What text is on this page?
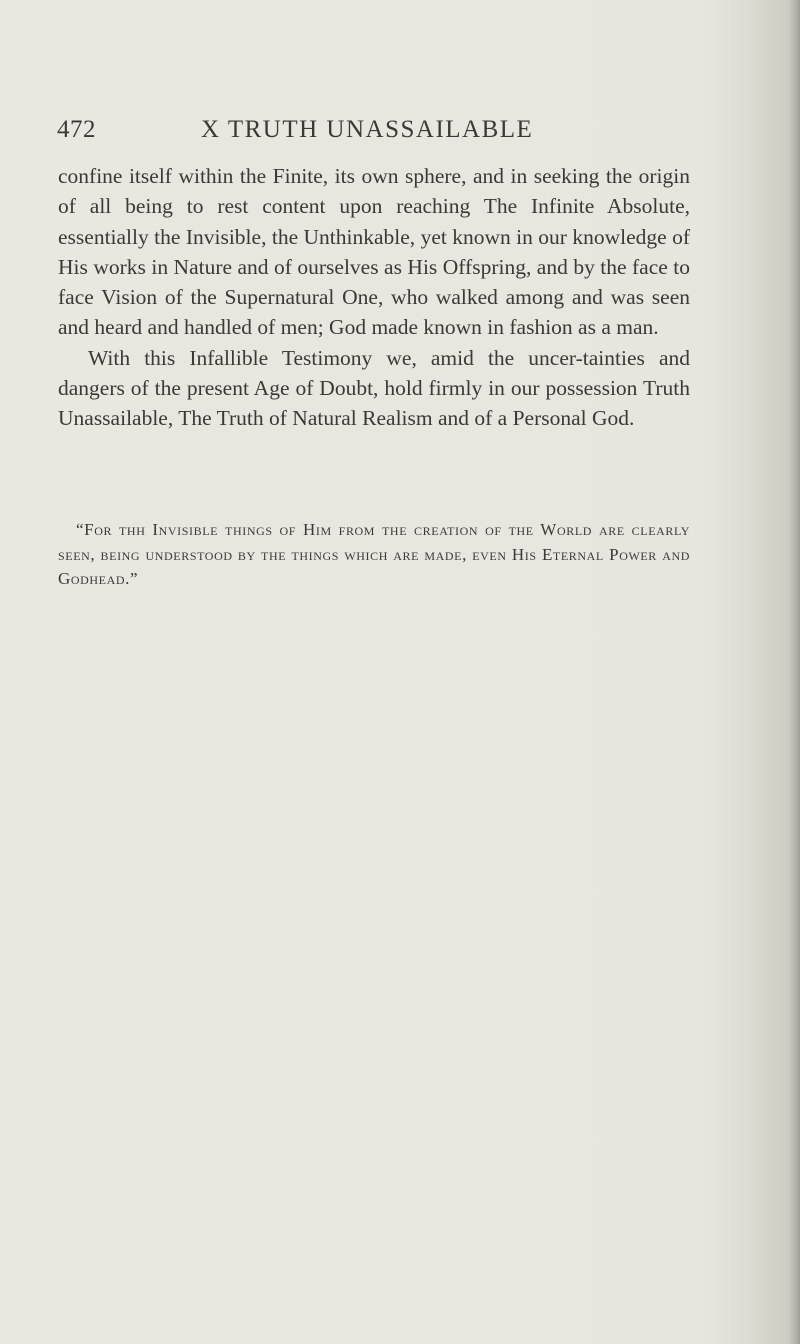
472	X TRUTH UNASSAILABLE

confine itself within the Finite, its own sphere, and in seeking the origin of all being to rest content upon reaching The Infinite Absolute, essentially the Invisible, the Unthinkable, yet known in our knowledge of His works in Nature and of ourselves as His Offspring, and by the face to face Vision of the Supernatural One, who walked among and was seen and heard and handled of men; God made known in fashion as a man.

With this Infallible Testimony we, amid the uncer-tainties and dangers of the present Age of Doubt, hold firmly in our possession Truth Unassailable, The Truth of Natural Realism and of a Personal God.

“For thh Invisible things of Him from the creation of the World are clearly seen, being understood by the things which are made, even His Eternal Power and Godhead.”
